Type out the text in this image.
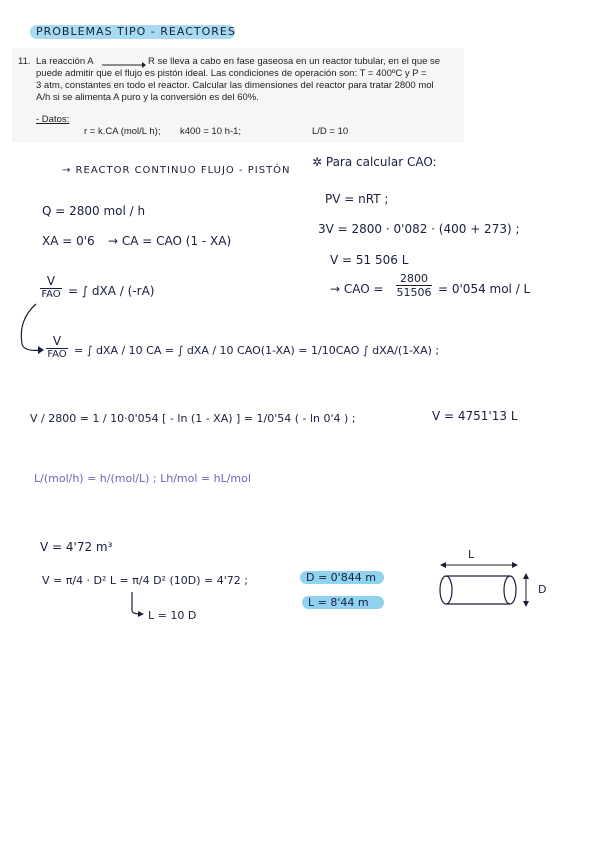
PROBLEMAS TIPO - REACTORES
11. La reacción A → R se lleva a cabo en fase gaseosa en un reactor tubular, en el que se
puede admitir que el flujo es pistón ideal. Las condiciones de operación son: T = 400ºC y P =
3 atm, constantes en todo el reactor. Calcular las dimensiones del reactor para tratar 2800 mol
A/h si se alimenta A puro y la conversión es del 60%.
- Datos:
r = k.CA (mol/L h); k400 = 10 h-1;	L/D = 10
→ REACTOR CONTINUO FLUJO - PISTÓN
✲ Para calcular CAO:
PV = nRT ;
3V = 2800 · 0'082 · (400 + 273) ;
V = 51 506 L
→ CAO =
2800
51506 = 0'054 mol / L
Q = 2800 mol / h
XA = 0'6 → CA = CAO (1 - XA)
V
FAO = ∫ dXA / (-rA)
V
FAO = ∫ dXA / 10 CA = ∫ dXA / 10 CAO(1-XA) = 1/10CAO ∫ dXA/(1-XA) ;
V / 2800 = 1 / 10·0'054 [ - ln (1 - XA) ] = 1/0'54 ( - ln 0'4 ) ;	V = 4751'13 L
L/(mol/h) = h/(mol/L) ; Lh/mol = hL/mol
V = 4'72 m³
V = π/4 · D² L = π/4 D² (10D) = 4'72 ;	D = 0'844 m
L = 8'44 m
L = 10 D
L
D
